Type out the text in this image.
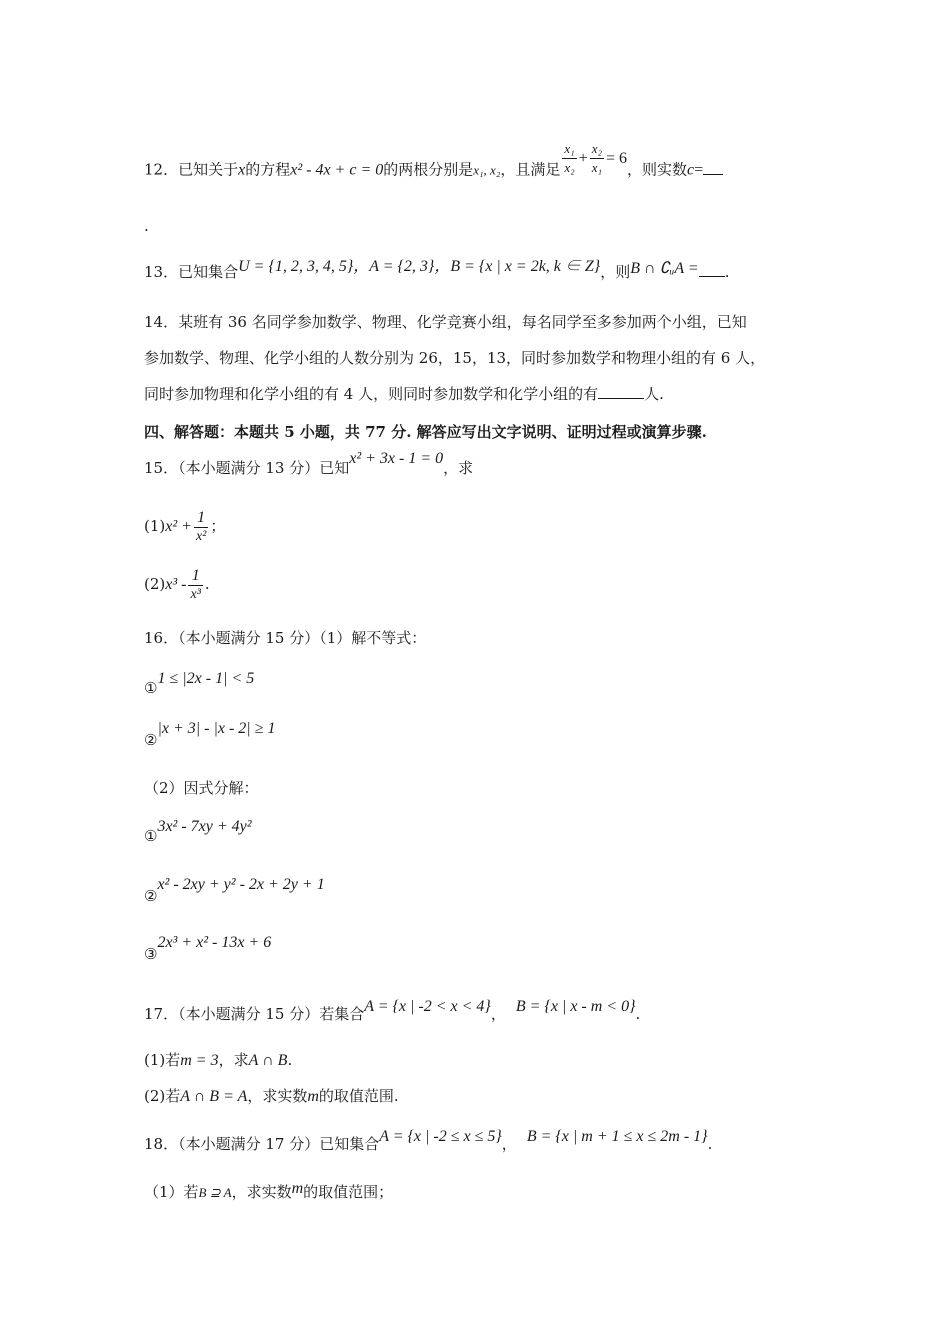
12．已知关于x的方程x² - 4x + c = 0的两根分别是x₁, x₂，且满足 $\frac{\text{x₁}}{\text{x₂}} + \frac{\text{x₂}}{\text{x₁}} = 6$，则实数c=
.
13．已知集合U = {1, 2, 3, 4, 5}，A = {2, 3}，B = {x | x = 2k, k ∈ Z}，则B ∩ ∁ᵤA = .
14．某班有 36 名同学参加数学、物理、化学竞赛小组，每名同学至多参加两个小组，已知
参加数学、物理、化学小组的人数分别为 26，15，13，同时参加数学和物理小组的有 6 人，
同时参加物理和化学小组的有 4 人，则同时参加数学和化学小组的有	人.
四、解答题：本题共 5 小题，共 77 分. 解答应写出文字说明、证明过程或演算步骤.
15．（本小题满分 13 分）已知x² + 3x - 1 = 0，求
$(1)x^2 + \frac{1}{\text{x²}}$ ；
$(2)x^3 - \frac{1}{\text{x³}}$ .
16．（本小题满分 15 分）（1）解不等式：
①1 ≤ |2x - 1| < 5
②|x + 3| - |x - 2| ≥ 1
（2）因式分解：
①3x² - 7xy + 4y²
②x² - 2xy + y² - 2x + 2y + 1
③2x³ + x² - 13x + 6
17．（本小题满分 15 分）若集合A = {x | -2 < x < 4}， B = {x | x - m < 0}.
(1)若m = 3，求A ∩ B.
(2)若A ∩ B = A，求实数m的取值范围.
18．（本小题满分 17 分）已知集合A = {x | -2 ≤ x ≤ 5}， B = {x | m + 1 ≤ x ≤ 2m - 1}.
（1）若B ⊇ A，求实数m的取值范围；
